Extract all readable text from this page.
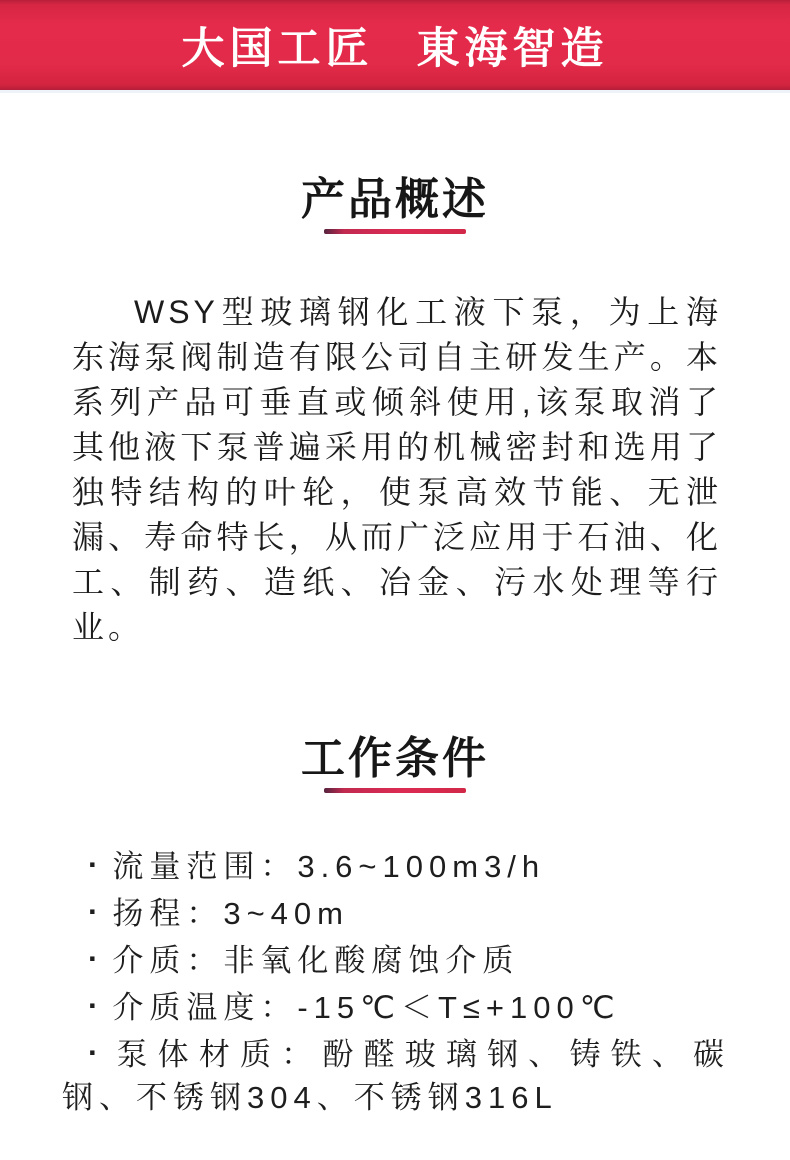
大国工匠 東海智造
产品概述

WSY型玻璃钢化工液下泵，为上海东海泵阀制造有限公司自主研发生产。本系列产品可垂直或倾斜使用,该泵取消了其他液下泵普遍采用的机械密封和选用了独特结构的叶轮，使泵高效节能、无泄漏、寿命特长，从而广泛应用于石油、化工、制药、造纸、冶金、污水处理等行业。

工作条件
· 流量范围：3.6~100m3/h
· 扬程：3~40m
· 介质：非氧化酸腐蚀介质
· 介质温度：-15℃＜T≤+100℃
· 泵体材质：酚醛玻璃钢、铸铁、碳钢、不锈钢304、不锈钢316L
